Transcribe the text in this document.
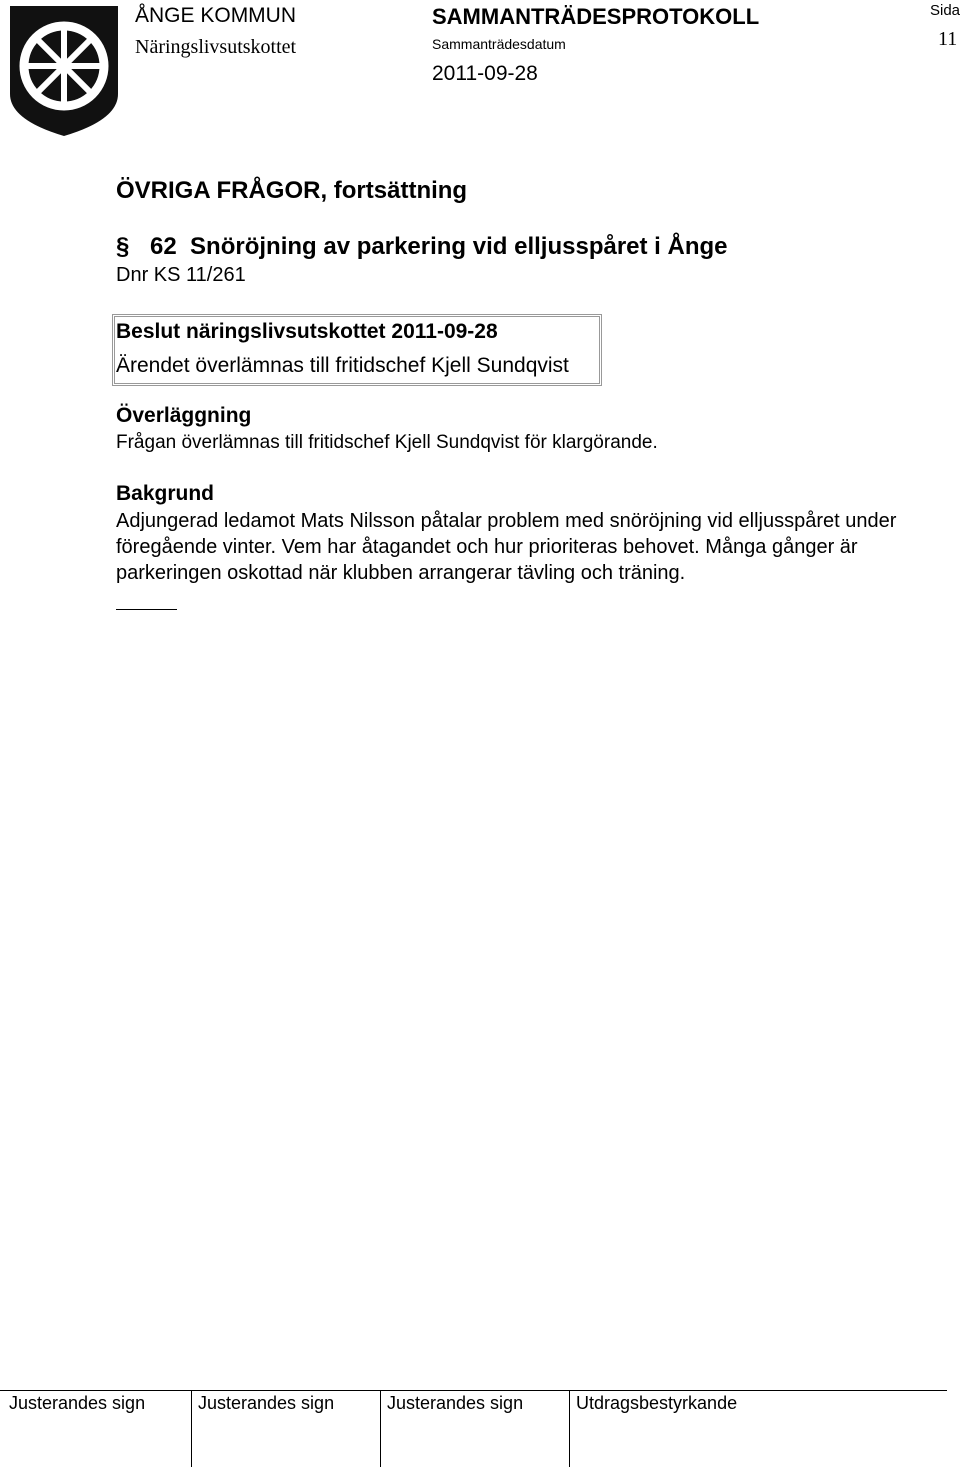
ÅNGE KOMMUN
Näringslivsutskottet
SAMMANTRÄDESPROTOKOLL
Sammanträdesdatum
2011-09-28
Sida
11
ÖVRIGA FRÅGOR, fortsättning
§ 62 Snöröjning av parkering vid elljusspåret i Ånge
Dnr KS 11/261
Beslut näringslivsutskottet 2011-09-28
Ärendet överlämnas till fritidschef Kjell Sundqvist
Överläggning
Frågan överlämnas till fritidschef Kjell Sundqvist för klargörande.
Bakgrund

Adjungerad ledamot Mats Nilsson påtalar problem med snöröjning vid elljusspåret under föregående vinter. Vem har åtagandet och hur prioriteras behovet. Många gånger är parkeringen oskottad när klubben arrangerar tävling och träning.

Justerandes sign	Justerandes sign	Justerandes sign	Utdragsbestyrkande
